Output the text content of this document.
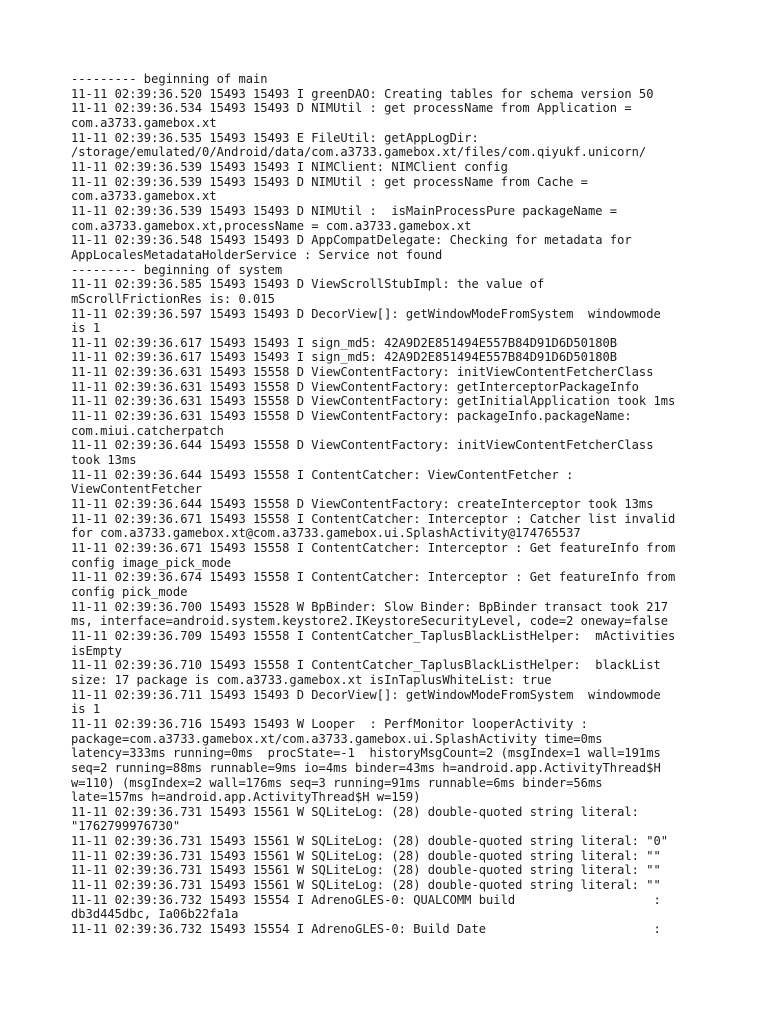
--------- beginning of main
11-11 02:39:36.520 15493 15493 I greenDAO: Creating tables for schema version 50
11-11 02:39:36.534 15493 15493 D NIMUtil : get processName from Application =
com.a3733.gamebox.xt
11-11 02:39:36.535 15493 15493 E FileUtil: getAppLogDir:
/storage/emulated/0/Android/data/com.a3733.gamebox.xt/files/com.qiyukf.unicorn/
11-11 02:39:36.539 15493 15493 I NIMClient: NIMClient config
11-11 02:39:36.539 15493 15493 D NIMUtil : get processName from Cache =
com.a3733.gamebox.xt
11-11 02:39:36.539 15493 15493 D NIMUtil :  isMainProcessPure packageName =
com.a3733.gamebox.xt,processName = com.a3733.gamebox.xt
11-11 02:39:36.548 15493 15493 D AppCompatDelegate: Checking for metadata for
AppLocalesMetadataHolderService : Service not found
--------- beginning of system
11-11 02:39:36.585 15493 15493 D ViewScrollStubImpl: the value of
mScrollFrictionRes is: 0.015
11-11 02:39:36.597 15493 15493 D DecorView[]: getWindowModeFromSystem  windowmode
is 1
11-11 02:39:36.617 15493 15493 I sign_md5: 42A9D2E851494E557B84D91D6D50180B
11-11 02:39:36.617 15493 15493 I sign_md5: 42A9D2E851494E557B84D91D6D50180B
11-11 02:39:36.631 15493 15558 D ViewContentFactory: initViewContentFetcherClass
11-11 02:39:36.631 15493 15558 D ViewContentFactory: getInterceptorPackageInfo
11-11 02:39:36.631 15493 15558 D ViewContentFactory: getInitialApplication took 1ms
11-11 02:39:36.631 15493 15558 D ViewContentFactory: packageInfo.packageName:
com.miui.catcherpatch
11-11 02:39:36.644 15493 15558 D ViewContentFactory: initViewContentFetcherClass
took 13ms
11-11 02:39:36.644 15493 15558 I ContentCatcher: ViewContentFetcher :
ViewContentFetcher
11-11 02:39:36.644 15493 15558 D ViewContentFactory: createInterceptor took 13ms
11-11 02:39:36.671 15493 15558 I ContentCatcher: Interceptor : Catcher list invalid
for com.a3733.gamebox.xt@com.a3733.gamebox.ui.SplashActivity@174765537
11-11 02:39:36.671 15493 15558 I ContentCatcher: Interceptor : Get featureInfo from
config image_pick_mode
11-11 02:39:36.674 15493 15558 I ContentCatcher: Interceptor : Get featureInfo from
config pick_mode
11-11 02:39:36.700 15493 15528 W BpBinder: Slow Binder: BpBinder transact took 217
ms, interface=android.system.keystore2.IKeystoreSecurityLevel, code=2 oneway=false
11-11 02:39:36.709 15493 15558 I ContentCatcher_TaplusBlackListHelper:  mActivities
isEmpty
11-11 02:39:36.710 15493 15558 I ContentCatcher_TaplusBlackListHelper:  blackList
size: 17 package is com.a3733.gamebox.xt isInTaplusWhiteList: true
11-11 02:39:36.711 15493 15493 D DecorView[]: getWindowModeFromSystem  windowmode
is 1
11-11 02:39:36.716 15493 15493 W Looper  : PerfMonitor looperActivity :
package=com.a3733.gamebox.xt/com.a3733.gamebox.ui.SplashActivity time=0ms
latency=333ms running=0ms  procState=-1  historyMsgCount=2 (msgIndex=1 wall=191ms
seq=2 running=88ms runnable=9ms io=4ms binder=43ms h=android.app.ActivityThread$H
w=110) (msgIndex=2 wall=176ms seq=3 running=91ms runnable=6ms binder=56ms
late=157ms h=android.app.ActivityThread$H w=159)
11-11 02:39:36.731 15493 15561 W SQLiteLog: (28) double-quoted string literal:
"1762799976730"
11-11 02:39:36.731 15493 15561 W SQLiteLog: (28) double-quoted string literal: "0"
11-11 02:39:36.731 15493 15561 W SQLiteLog: (28) double-quoted string literal: ""
11-11 02:39:36.731 15493 15561 W SQLiteLog: (28) double-quoted string literal: ""
11-11 02:39:36.731 15493 15561 W SQLiteLog: (28) double-quoted string literal: ""
11-11 02:39:36.732 15493 15554 I AdrenoGLES-0: QUALCOMM build                   :
db3d445dbc, Ia06b22fa1a
11-11 02:39:36.732 15493 15554 I AdrenoGLES-0: Build Date                       :
